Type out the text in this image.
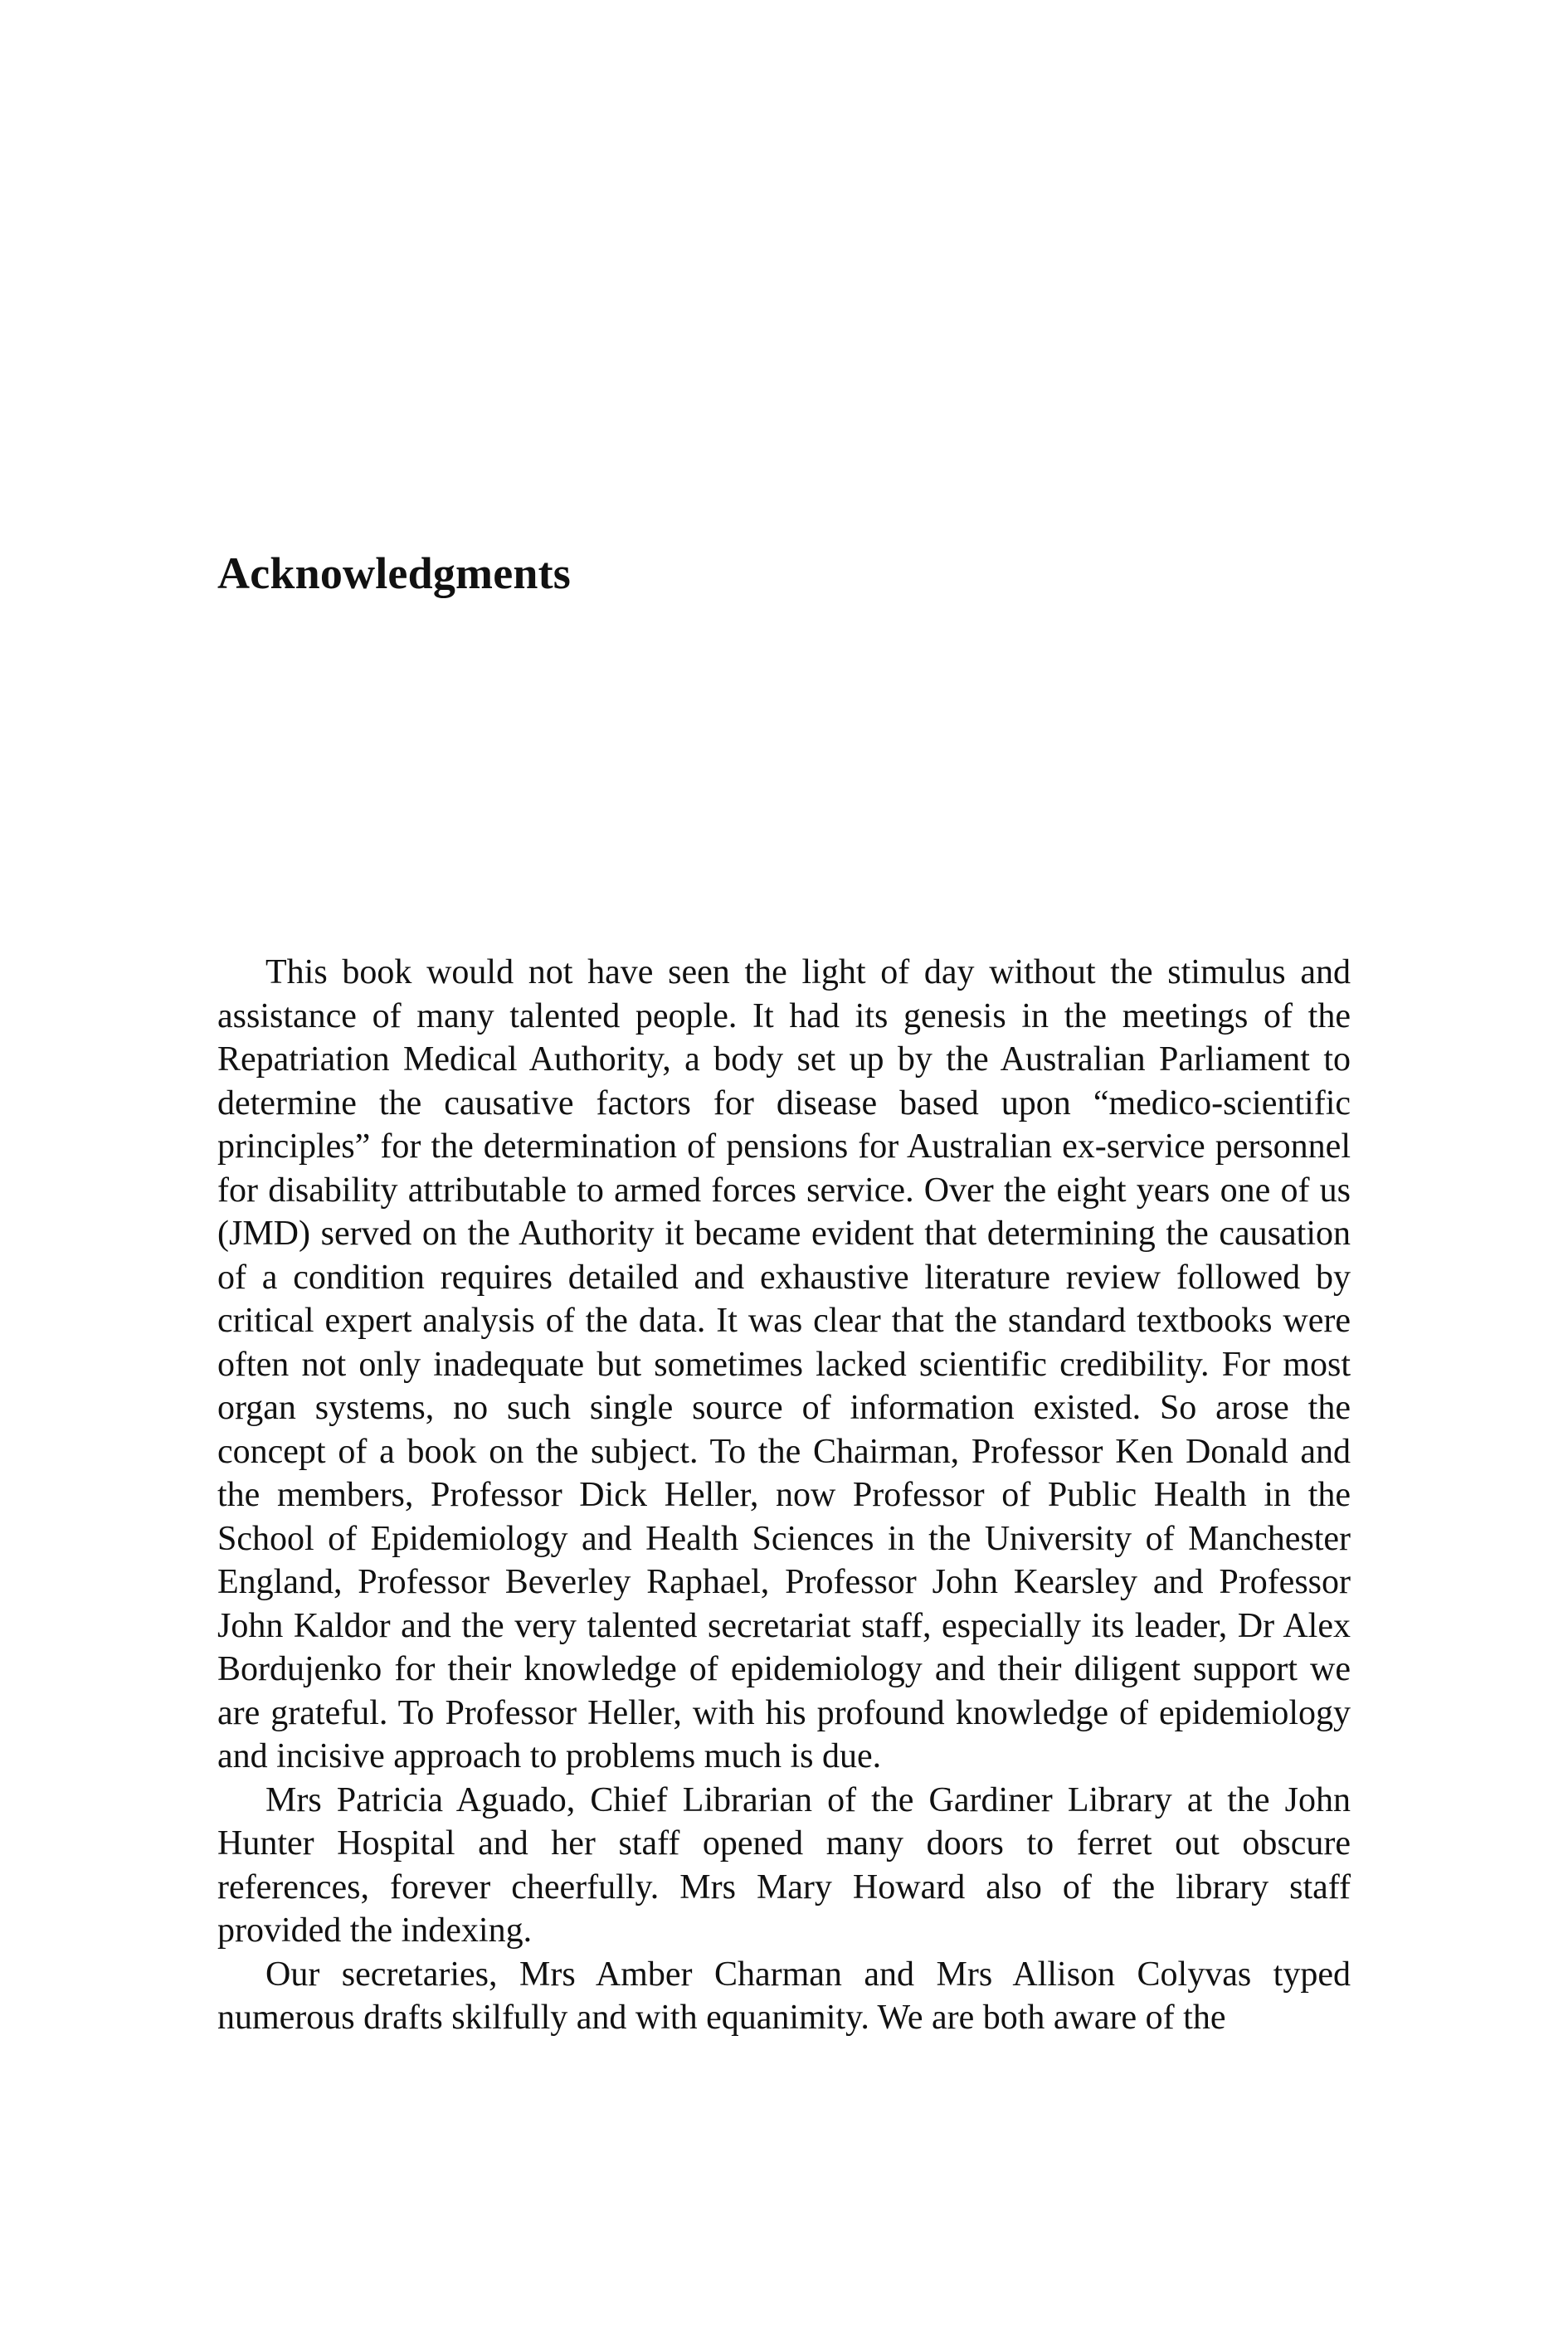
Acknowledgments

This book would not have seen the light of day without the stimulus and assistance of many talented people. It had its genesis in the meetings of the Repatriation Medical Authority, a body set up by the Australian Parliament to determine the causative factors for disease based upon “medico-scientific principles” for the determination of pensions for Australian ex-service personnel for disability attributable to armed forces service. Over the eight years one of us (JMD) served on the Authority it became evident that determining the causation of a condition requires detailed and exhaustive literature review followed by critical expert analysis of the data. It was clear that the standard textbooks were often not only inadequate but sometimes lacked scientific credibility. For most organ systems, no such single source of information existed. So arose the concept of a book on the subject. To the Chairman, Professor Ken Donald and the members, Professor Dick Heller, now Professor of Public Health in the School of Epidemiology and Health Sciences in the University of Manchester England, Professor Beverley Raphael, Professor John Kearsley and Professor John Kaldor and the very talented secretariat staff, especially its leader, Dr Alex Bordujenko for their knowledge of epidemiology and their diligent support we are grateful. To Professor Heller, with his profound knowledge of epidemiology and incisive approach to problems much is due.

Mrs Patricia Aguado, Chief Librarian of the Gardiner Library at the John Hunter Hospital and her staff opened many doors to ferret out obscure references, forever cheerfully. Mrs Mary Howard also of the library staff provided the indexing.

Our secretaries, Mrs Amber Charman and Mrs Allison Colyvas typed numerous drafts skilfully and with equanimity. We are both aware of the
